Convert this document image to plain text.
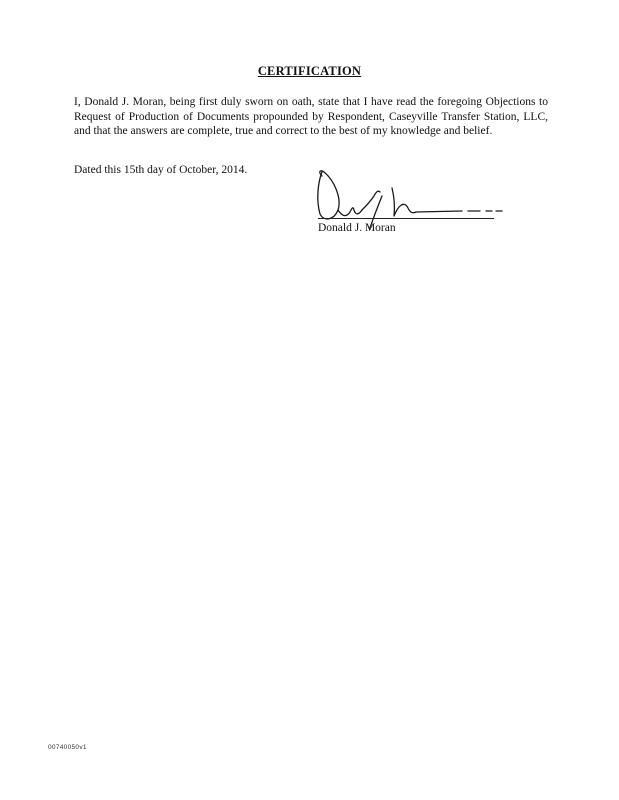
CERTIFICATION
I, Donald J. Moran, being first duly sworn on oath, state that I have read the foregoing Objections to Request of Production of Documents propounded by Respondent, Caseyville Transfer Station, LLC, and that the answers are complete, true and correct to the best of my knowledge and belief.
Dated this 15th day of October, 2014.
Donald J. Moran
00740050v1
